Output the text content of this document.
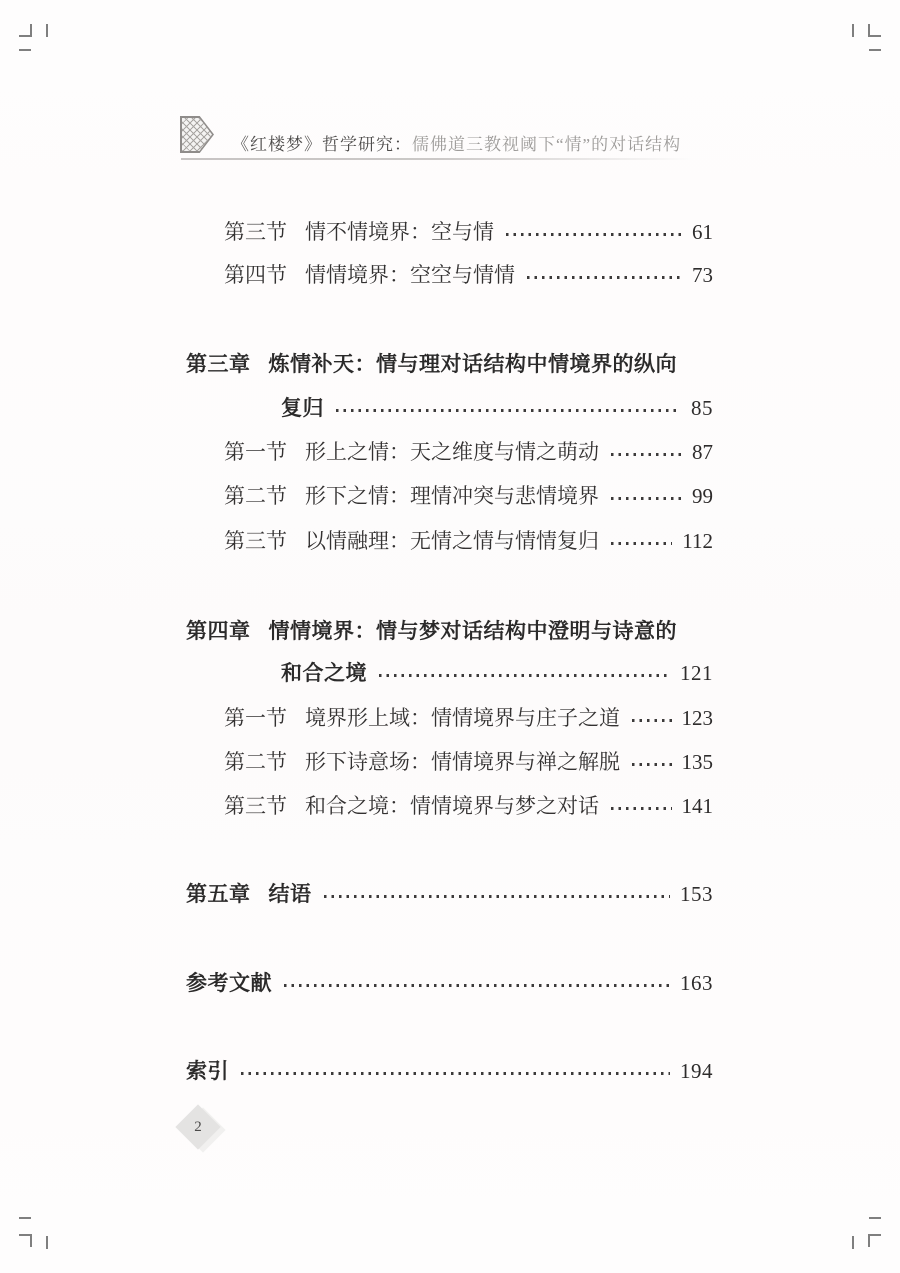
《红楼梦》哲学研究：儒佛道三教视阈下“情”的对话结构
第三节 情不情境界：空与情	61
第四节 情情境界：空空与情情	73
第三章 炼情补天：情与理对话结构中情境界的纵向
复归	85
第一节 形上之情：天之维度与情之萌动	87
第二节 形下之情：理情冲突与悲情境界	99
第三节 以情融理：无情之情与情情复归	112
第四章 情情境界：情与梦对话结构中澄明与诗意的
和合之境	121
第一节 境界形上域：情情境界与庄子之道	123
第二节 形下诗意场：情情境界与禅之解脱	135
第三节 和合之境：情情境界与梦之对话	141
第五章 结语	153
参考文献	163
索引	194
2
